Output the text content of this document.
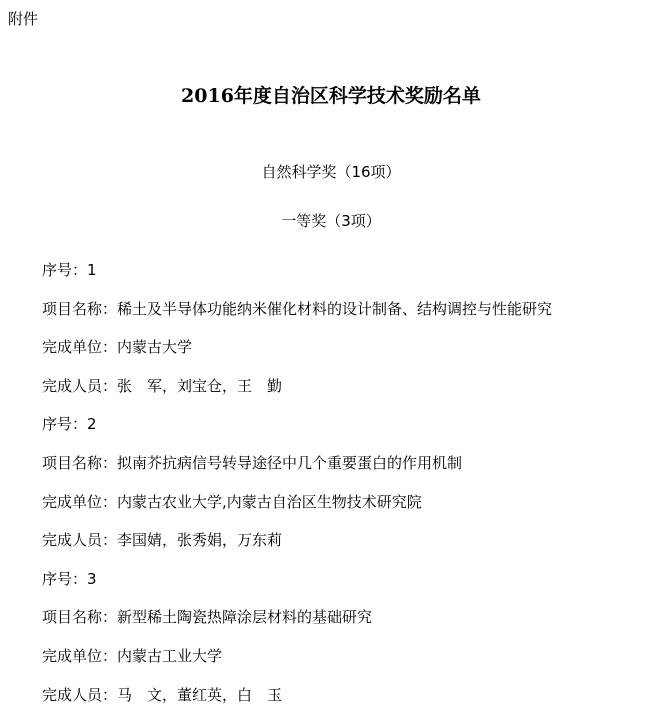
附件
2016年度自治区科学技术奖励名单
自然科学奖（16项）
一等奖（3项）
序号：1
项目名称：稀土及半导体功能纳米催化材料的设计制备、结构调控与性能研究
完成单位：内蒙古大学
完成人员：张　军，刘宝仓，王　勤
序号：2
项目名称：拟南芥抗病信号转导途径中几个重要蛋白的作用机制
完成单位：内蒙古农业大学,内蒙古自治区生物技术研究院
完成人员：李国婧，张秀娟，万东莉
序号：3
项目名称：新型稀土陶瓷热障涂层材料的基础研究
完成单位：内蒙古工业大学
完成人员：马　文，董红英，白　玉
